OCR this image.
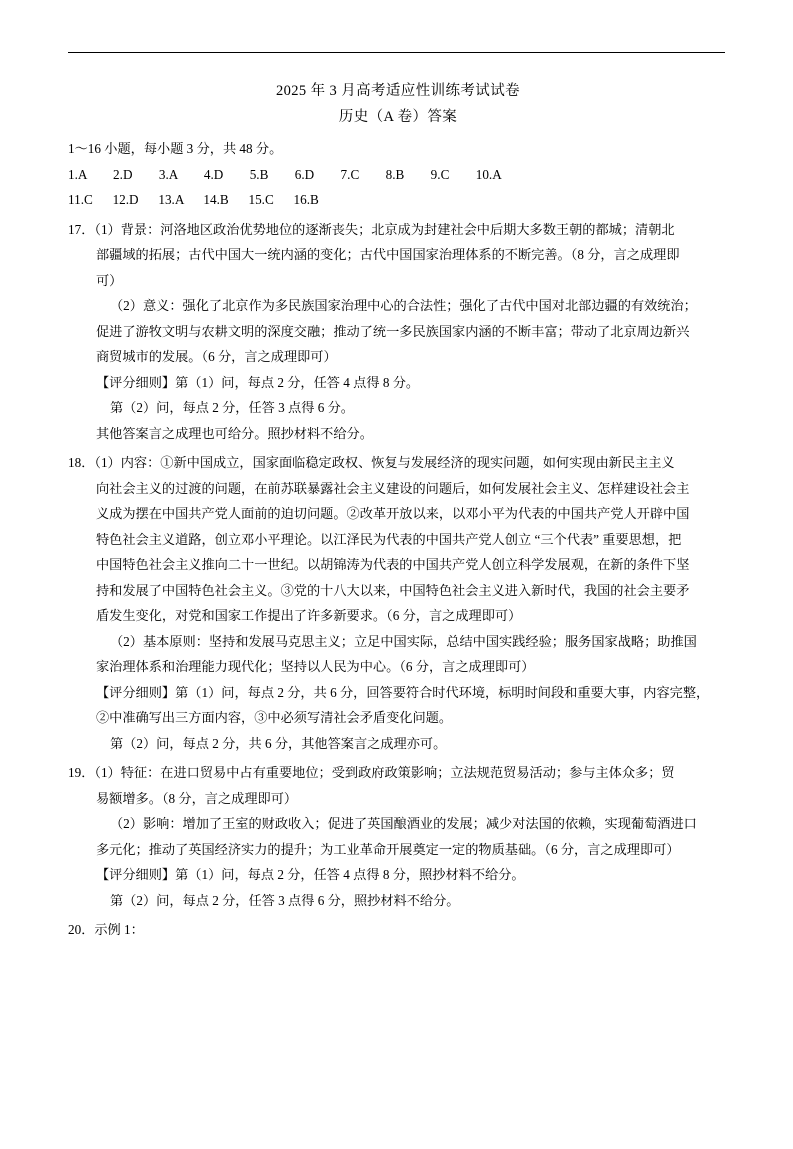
2025 年 3 月高考适应性训练考试试卷
历史（A 卷）答案
1～16 小题，每小题 3 分，共 48 分。
1.A        2.D        3.A        4.D        5.B        6.D        7.C        8.B        9.C        10.A
11.C      12.D      13.A      14.B      15.C      16.B
17．（1）背景：河洛地区政治优势地位的逐渐丧失；北京成为封建社会中后期大多数王朝的都城；清朝北
部疆域的拓展；古代中国大一统内涵的变化；古代中国国家治理体系的不断完善。（8 分，言之成理即
可）
（2）意义：强化了北京作为多民族国家治理中心的合法性；强化了古代中国对北部边疆的有效统治；
促进了游牧文明与农耕文明的深度交融；推动了统一多民族国家内涵的不断丰富；带动了北京周边新兴
商贸城市的发展。（6 分，言之成理即可）
【评分细则】第（1）问，每点 2 分，任答 4 点得 8 分。
第（2）问，每点 2 分，任答 3 点得 6 分。
其他答案言之成理也可给分。照抄材料不给分。
18．（1）内容：①新中国成立，国家面临稳定政权、恢复与发展经济的现实问题，如何实现由新民主主义
向社会主义的过渡的问题，在前苏联暴露社会主义建设的问题后，如何发展社会主义、怎样建设社会主
义成为摆在中国共产党人面前的迫切问题。②改革开放以来，以邓小平为代表的中国共产党人开辟中国
特色社会主义道路，创立邓小平理论。以江泽民为代表的中国共产党人创立 “三个代表” 重要思想，把
中国特色社会主义推向二十一世纪。以胡锦涛为代表的中国共产党人创立科学发展观，在新的条件下坚
持和发展了中国特色社会主义。③党的十八大以来，中国特色社会主义进入新时代，我国的社会主要矛
盾发生变化，对党和国家工作提出了许多新要求。（6 分，言之成理即可）
（2）基本原则：坚持和发展马克思主义；立足中国实际，总结中国实践经验；服务国家战略；助推国
家治理体系和治理能力现代化；坚持以人民为中心。（6 分，言之成理即可）
【评分细则】第（1）问，每点 2 分，共 6 分，回答要符合时代环境，标明时间段和重要大事，内容完整，
②中准确写出三方面内容，③中必须写清社会矛盾变化问题。
第（2）问，每点 2 分，共 6 分，其他答案言之成理亦可。
19．（1）特征：在进口贸易中占有重要地位；受到政府政策影响；立法规范贸易活动；参与主体众多；贸
易额增多。（8 分，言之成理即可）
（2）影响：增加了王室的财政收入；促进了英国酿酒业的发展；减少对法国的依赖，实现葡萄酒进口
多元化；推动了英国经济实力的提升；为工业革命开展奠定一定的物质基础。（6 分，言之成理即可）
【评分细则】第（1）问，每点 2 分，任答 4 点得 8 分，照抄材料不给分。
第（2）问，每点 2 分，任答 3 点得 6 分，照抄材料不给分。
20．示例 1：
